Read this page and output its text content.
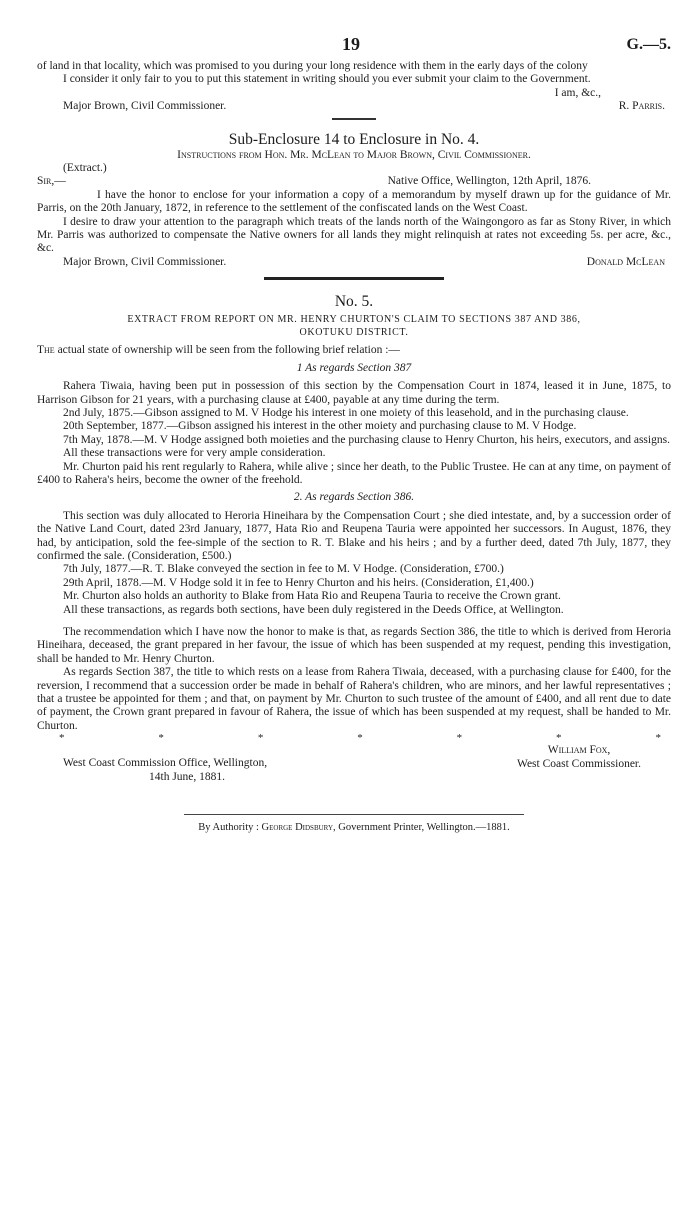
19	G.—5.

of land in that locality, which was promised to you during your long residence with them in the early days of the colony

I consider it only fair to you to put this statement in writing should you ever submit your claim to the Government.

I am, &c.,
Major Brown, Civil Commissioner.	R. Parris.
Sub-Enclosure 14 to Enclosure in No. 4.
Instructions from Hon. Mr. McLean to Major Brown, Civil Commissioner.

(Extract.)

Sir,—	Native Office, Wellington, 12th April, 1876.

I have the honor to enclose for your information a copy of a memorandum by myself drawn up for the guidance of Mr. Parris, on the 20th January, 1872, in reference to the settlement of the confiscated lands on the West Coast.

I desire to draw your attention to the paragraph which treats of the lands north of the Waingongoro as far as Stony River, in which Mr. Parris was authorized to compensate the Native owners for all lands they might relinquish at rates not exceeding 5s. per acre, &c., &c.

Major Brown, Civil Commissioner.	Donald McLean
No. 5.
EXTRACT FROM REPORT ON MR. HENRY CHURTON'S CLAIM TO SECTIONS 387 AND 386,
OKOTUKU DISTRICT.

The actual state of ownership will be seen from the following brief relation :—

1 As regards Section 387

Rahera Tiwaia, having been put in possession of this section by the Compensation Court in 1874, leased it in June, 1875, to Harrison Gibson for 21 years, with a purchasing clause at £400, payable at any time during the term.

2nd July, 1875.—Gibson assigned to M. V Hodge his interest in one moiety of this leasehold, and in the purchasing clause.

20th September, 1877.—Gibson assigned his interest in the other moiety and purchasing clause to M. V Hodge.

7th May, 1878.—M. V Hodge assigned both moieties and the purchasing clause to Henry Churton, his heirs, executors, and assigns.

All these transactions were for very ample consideration.

Mr. Churton paid his rent regularly to Rahera, while alive ; since her death, to the Public Trustee. He can at any time, on payment of £400 to Rahera's heirs, become the owner of the freehold.

2. As regards Section 386.

This section was duly allocated to Heroria Hineihara by the Compensation Court ; she died intestate, and, by a succession order of the Native Land Court, dated 23rd January, 1877, Hata Rio and Reupena Tauria were appointed her successors. In August, 1876, they had, by anticipation, sold the fee-simple of the section to R. T. Blake and his heirs ; and by a further deed, dated 7th July, 1877, they confirmed the sale. (Consideration, £500.)

7th July, 1877.—R. T. Blake conveyed the section in fee to M. V Hodge. (Consideration, £700.)

29th April, 1878.—M. V Hodge sold it in fee to Henry Churton and his heirs. (Consideration, £1,400.)

Mr. Churton also holds an authority to Blake from Hata Rio and Reupena Tauria to receive the Crown grant.

All these transactions, as regards both sections, have been duly registered in the Deeds Office, at Wellington.

The recommendation which I have now the honor to make is that, as regards Section 386, the title to which is derived from Heroria Hineihara, deceased, the grant prepared in her favour, the issue of which has been suspended at my request, pending this investigation, shall be handed to Mr. Henry Churton.

As regards Section 387, the title to which rests on a lease from Rahera Tiwaia, deceased, with a purchasing clause for £400, for the reversion, I recommend that a succession order be made in behalf of Rahera's children, who are minors, and her lawful representatives ; that a trustee be appointed for them ; and that, on payment by Mr. Churton to such trustee of the amount of £400, and all rent due to date of payment, the Crown grant prepared in favour of Rahera, the issue of which has been suspended at my request, shall be handed to Mr. Churton.

*	*	*	*	*	*	*
West Coast Commission Office, Wellington,
14th June, 1881.
William Fox,
West Coast Commissioner.
By Authority : George Didsbury, Government Printer, Wellington.—1881.
